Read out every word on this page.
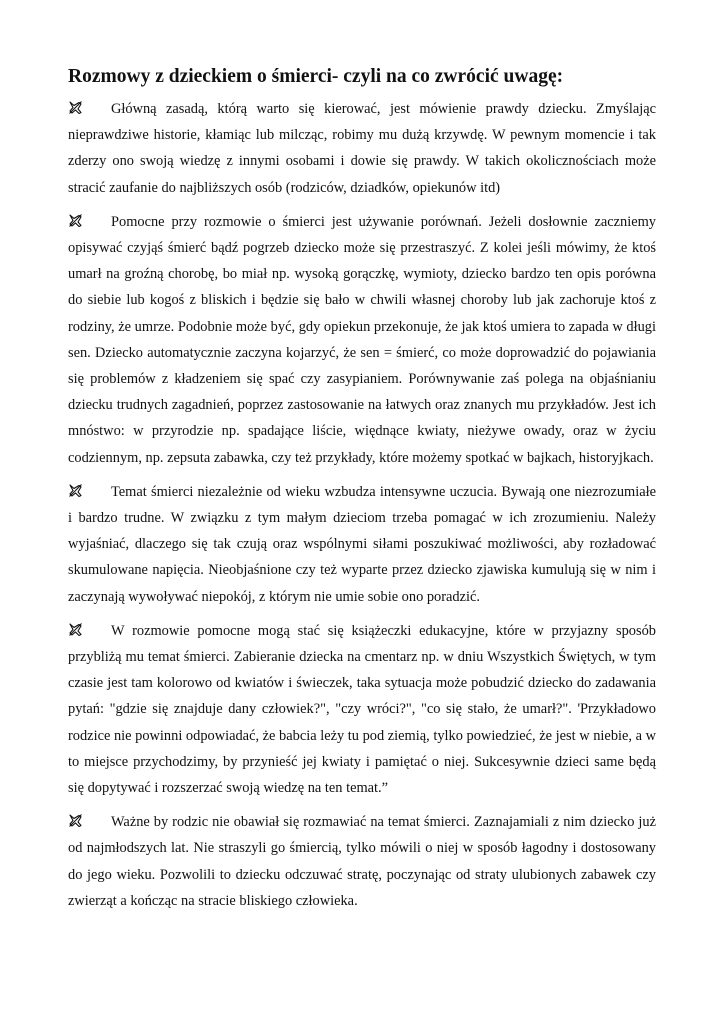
Rozmowy z dzieckiem o śmierci- czyli na co zwrócić uwagę:

Główną zasadą, którą warto się kierować, jest mówienie prawdy dziecku. Zmyślając nieprawdziwe historie, kłamiąc lub milcząc, robimy mu dużą krzywdę. W pewnym momencie i tak zderzy ono swoją wiedzę z innymi osobami i dowie się prawdy. W takich okolicznościach może stracić zaufanie do najbliższych osób (rodziców, dziadków, opiekunów itd)

Pomocne przy rozmowie o śmierci jest używanie porównań. Jeżeli dosłownie zaczniemy opisywać czyjąś śmierć bądź pogrzeb dziecko może się przestraszyć. Z kolei jeśli mówimy, że ktoś umarł na groźną chorobę, bo miał np. wysoką gorączkę, wymioty, dziecko bardzo ten opis porówna do siebie lub kogoś z bliskich i będzie się bało w chwili własnej choroby lub jak zachoruje ktoś z rodziny, że umrze. Podobnie może być, gdy opiekun przekonuje, że jak ktoś umiera to zapada w długi sen. Dziecko automatycznie zaczyna kojarzyć, że sen = śmierć, co może doprowadzić do pojawiania się problemów z kładzeniem się spać czy zasypianiem. Porównywanie zaś polega na objaśnianiu dziecku trudnych zagadnień, poprzez zastosowanie na łatwych oraz znanych mu przykładów. Jest ich mnóstwo: w przyrodzie np. spadające liście, więdnące kwiaty, nieżywe owady, oraz w życiu codziennym, np. zepsuta zabawka, czy też przykłady, które możemy spotkać w bajkach, historyjkach.

Temat śmierci niezależnie od wieku wzbudza intensywne uczucia. Bywają one niezrozumiałe i bardzo trudne. W związku z tym małym dzieciom trzeba pomagać w ich zrozumieniu. Należy wyjaśniać, dlaczego się tak czują oraz wspólnymi siłami poszukiwać możliwości, aby rozładować skumulowane napięcia. Nieobjaśnione czy też wyparte przez dziecko zjawiska kumulują się w nim i zaczynają wywoływać niepokój, z którym nie umie sobie ono poradzić.

W rozmowie pomocne mogą stać się książeczki edukacyjne, które w przyjazny sposób przybliżą mu temat śmierci. Zabieranie dziecka na cmentarz np. w dniu Wszystkich Świętych, w tym czasie jest tam kolorowo od kwiatów i świeczek, taka sytuacja może pobudzić dziecko do zadawania pytań: "gdzie się znajduje dany człowiek?", "czy wróci?", "co się stało, że umarł?". 'Przykładowo rodzice nie powinni odpowiadać, że babcia leży tu pod ziemią, tylko powiedzieć, że jest w niebie, a w to miejsce przychodzimy, by przynieść jej kwiaty i pamiętać o niej. Sukcesywnie dzieci same będą się dopytywać i rozszerzać swoją wiedzę na ten temat.”

Ważne by rodzic nie obawiał się rozmawiać na temat śmierci. Zaznajamiali z nim dziecko już od najmłodszych lat. Nie straszyli go śmiercią, tylko mówili o niej w sposób łagodny i dostosowany do jego wieku. Pozwolili to dziecku odczuwać stratę, poczynając od straty ulubionych zabawek czy zwierząt a kończąc na stracie bliskiego człowieka.
